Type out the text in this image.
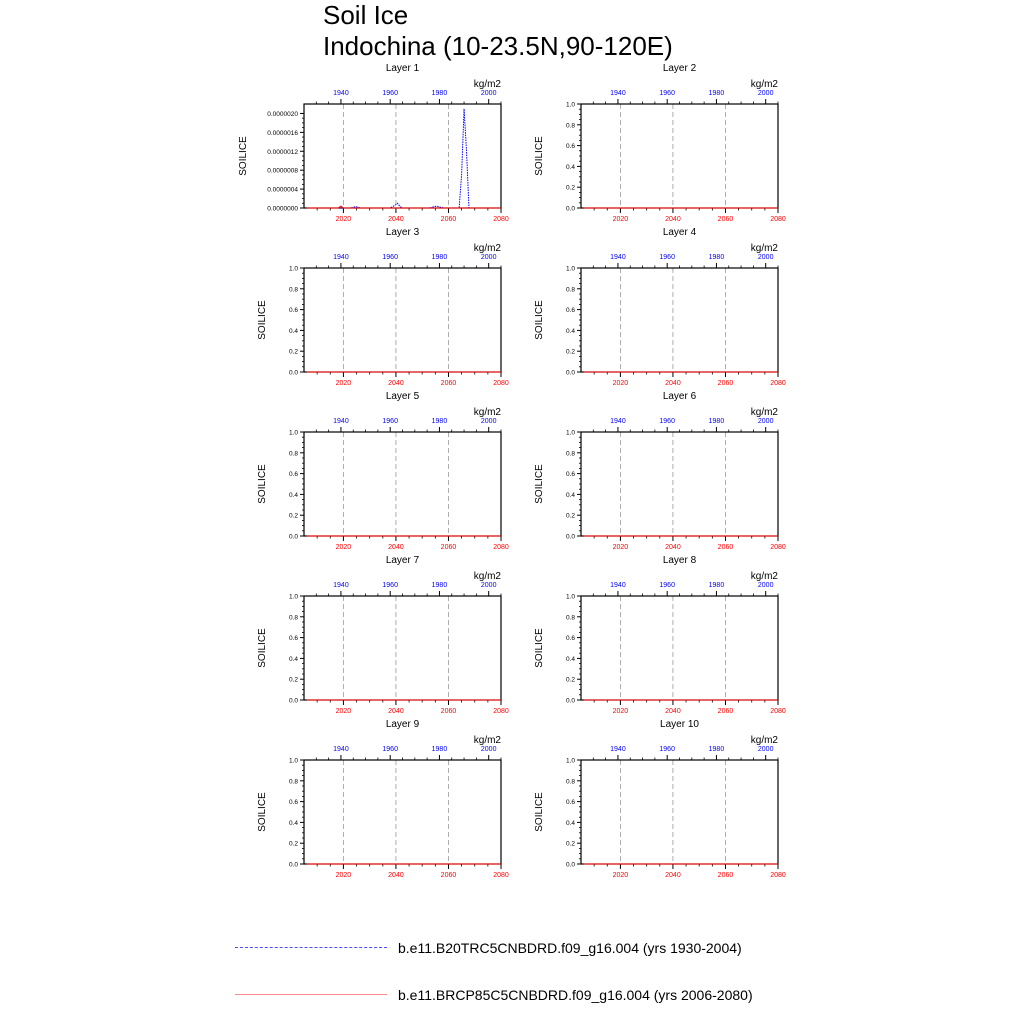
Soil Ice
Indochina (10-23.5N,90-120E)
Layer 1
kg/m2
SOILICE
0.0000000
0.0000004
0.0000008
0.0000012
0.0000016
0.0000020
2020	2040	2060	2080
1940	1960	1980	2000
Layer 2
kg/m2
SOILICE
0.0
0.2
0.4
0.6
0.8
1.0
2020	2040	2060	2080
1940	1960	1980	2000
Layer 3
kg/m2
SOILICE
0.0
0.2
0.4
0.6
0.8
1.0
2020	2040	2060	2080
1940	1960	1980	2000
Layer 4
kg/m2
SOILICE
0.0
0.2
0.4
0.6
0.8
1.0
2020	2040	2060	2080
1940	1960	1980	2000
Layer 5
kg/m2
SOILICE
0.0
0.2
0.4
0.6
0.8
1.0
2020	2040	2060	2080
1940	1960	1980	2000
Layer 6
kg/m2
SOILICE
0.0
0.2
0.4
0.6
0.8
1.0
2020	2040	2060	2080
1940	1960	1980	2000
Layer 7
kg/m2
SOILICE
0.0
0.2
0.4
0.6
0.8
1.0
2020	2040	2060	2080
1940	1960	1980	2000
Layer 8
kg/m2
SOILICE
0.0
0.2
0.4
0.6
0.8
1.0
2020	2040	2060	2080
1940	1960	1980	2000
Layer 9
kg/m2
SOILICE
0.0
0.2
0.4
0.6
0.8
1.0
2020	2040	2060	2080
1940	1960	1980	2000
Layer 10
kg/m2
SOILICE
0.0
0.2
0.4
0.6
0.8
1.0
2020	2040	2060	2080
1940	1960	1980	2000
b.e11.B20TRC5CNBDRD.f09_g16.004 (yrs 1930-2004)
b.e11.BRCP85C5CNBDRD.f09_g16.004 (yrs 2006-2080)
